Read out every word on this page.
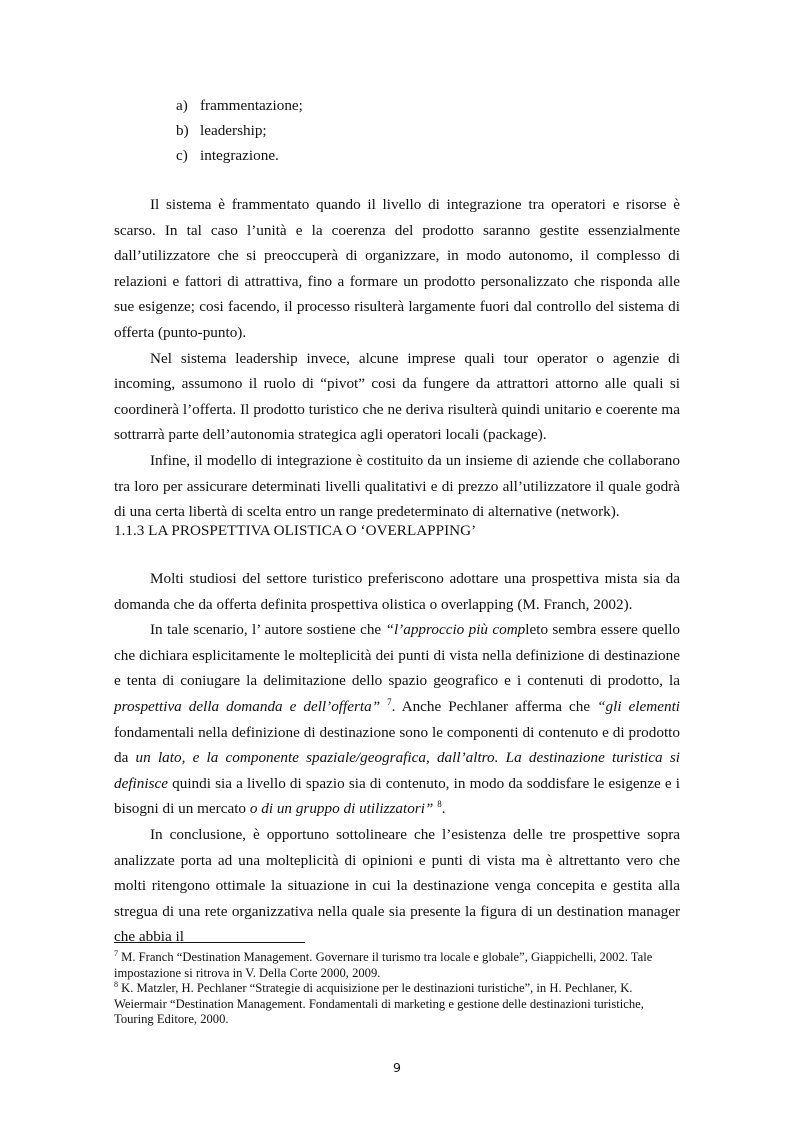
a) frammentazione;
b) leadership;
c) integrazione.

Il sistema è frammentato quando il livello di integrazione tra operatori e risorse è scarso. In tal caso l’unità e la coerenza del prodotto saranno gestite essenzialmente dall’utilizzatore che si preoccuperà di organizzare, in modo autonomo, il complesso di relazioni e fattori di attrattiva, fino a formare un prodotto personalizzato che risponda alle sue esigenze; cosi facendo, il processo risulterà largamente fuori dal controllo del sistema di offerta (punto-punto).

Nel sistema leadership invece, alcune imprese quali tour operator o agenzie di incoming, assumono il ruolo di “pivot” cosi da fungere da attrattori attorno alle quali si coordinerà l’offerta. Il prodotto turistico che ne deriva risulterà quindi unitario e coerente ma sottrarrà parte dell’autonomia strategica agli operatori locali (package).

Infine, il modello di integrazione è costituito da un insieme di aziende che collaborano tra loro per assicurare determinati livelli qualitativi e di prezzo all’utilizzatore il quale godrà di una certa libertà di scelta entro un range predeterminato di alternative (network).

1.1.3 LA PROSPETTIVA OLISTICA O ‘OVERLAPPING’

Molti studiosi del settore turistico preferiscono adottare una prospettiva mista sia da domanda che da offerta definita prospettiva olistica o overlapping (M. Franch, 2002).

In tale scenario, l’ autore sostiene che “l’approccio più completo sembra essere quello che dichiara esplicitamente le molteplicità dei punti di vista nella definizione di destinazione e tenta di coniugare la delimitazione dello spazio geografico e i contenuti di prodotto, la prospettiva della domanda e dell’offerta” $^7$. Anche Pechlaner afferma che “gli elementi fondamentali nella definizione di destinazione sono le componenti di contenuto e di prodotto da un lato, e la componente spaziale/geografica, dall’altro. La destinazione turistica si definisce quindi sia a livello di spazio sia di contenuto, in modo da soddisfare le esigenze e i bisogni di un mercato o di un gruppo di utilizzatori” $^8$.

In conclusione, è opportuno sottolineare che l’esistenza delle tre prospettive sopra analizzate porta ad una molteplicità di opinioni e punti di vista ma è altrettanto vero che molti ritengono ottimale la situazione in cui la destinazione venga concepita e gestita alla stregua di una rete organizzativa nella quale sia presente la figura di un destination manager che abbia il

$^7$ M. Franch “Destination Management. Governare il turismo tra locale e globale”, Giappichelli, 2002. Tale impostazione si ritrova in V. Della Corte 2000, 2009.

$^8$ K. Matzler, H. Pechlaner “Strategie di acquisizione per le destinazioni turistiche”, in H. Pechlaner, K. Weiermair “Destination Management. Fondamentali di marketing e gestione delle destinazioni turistiche, Touring Editore, 2000.

9
